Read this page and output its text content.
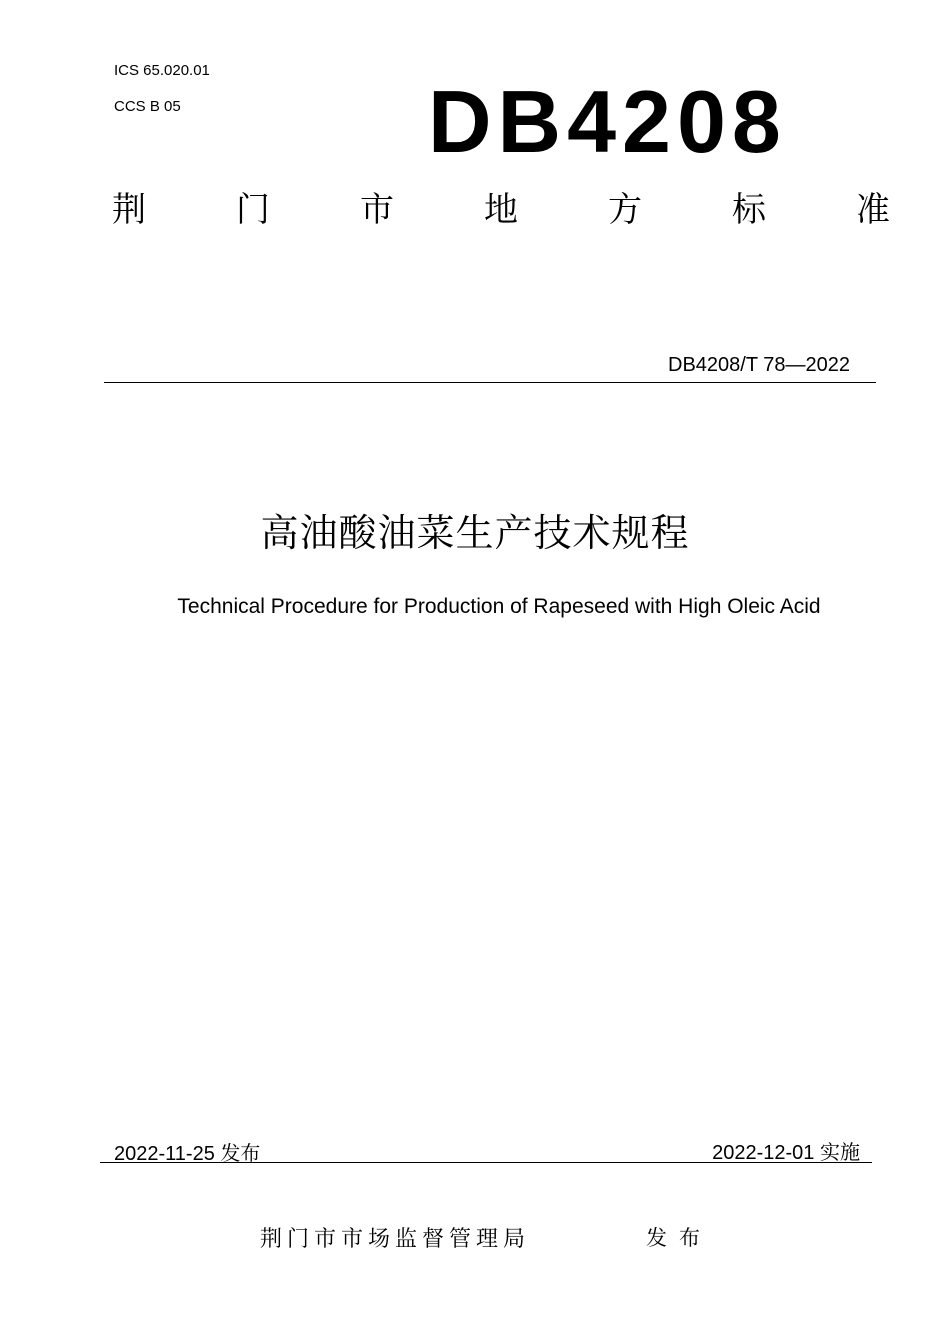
ICS 65.020.01
CCS B 05	DB4208
荆	门	市	地	方	标	准
DB4208/T 78—2022
高油酸油菜生产技术规程
Technical Procedure for Production of Rapeseed with High Oleic Acid
2022-11-25 发布	2022-12-01 实施
荆门市市场监督管理局	发布
